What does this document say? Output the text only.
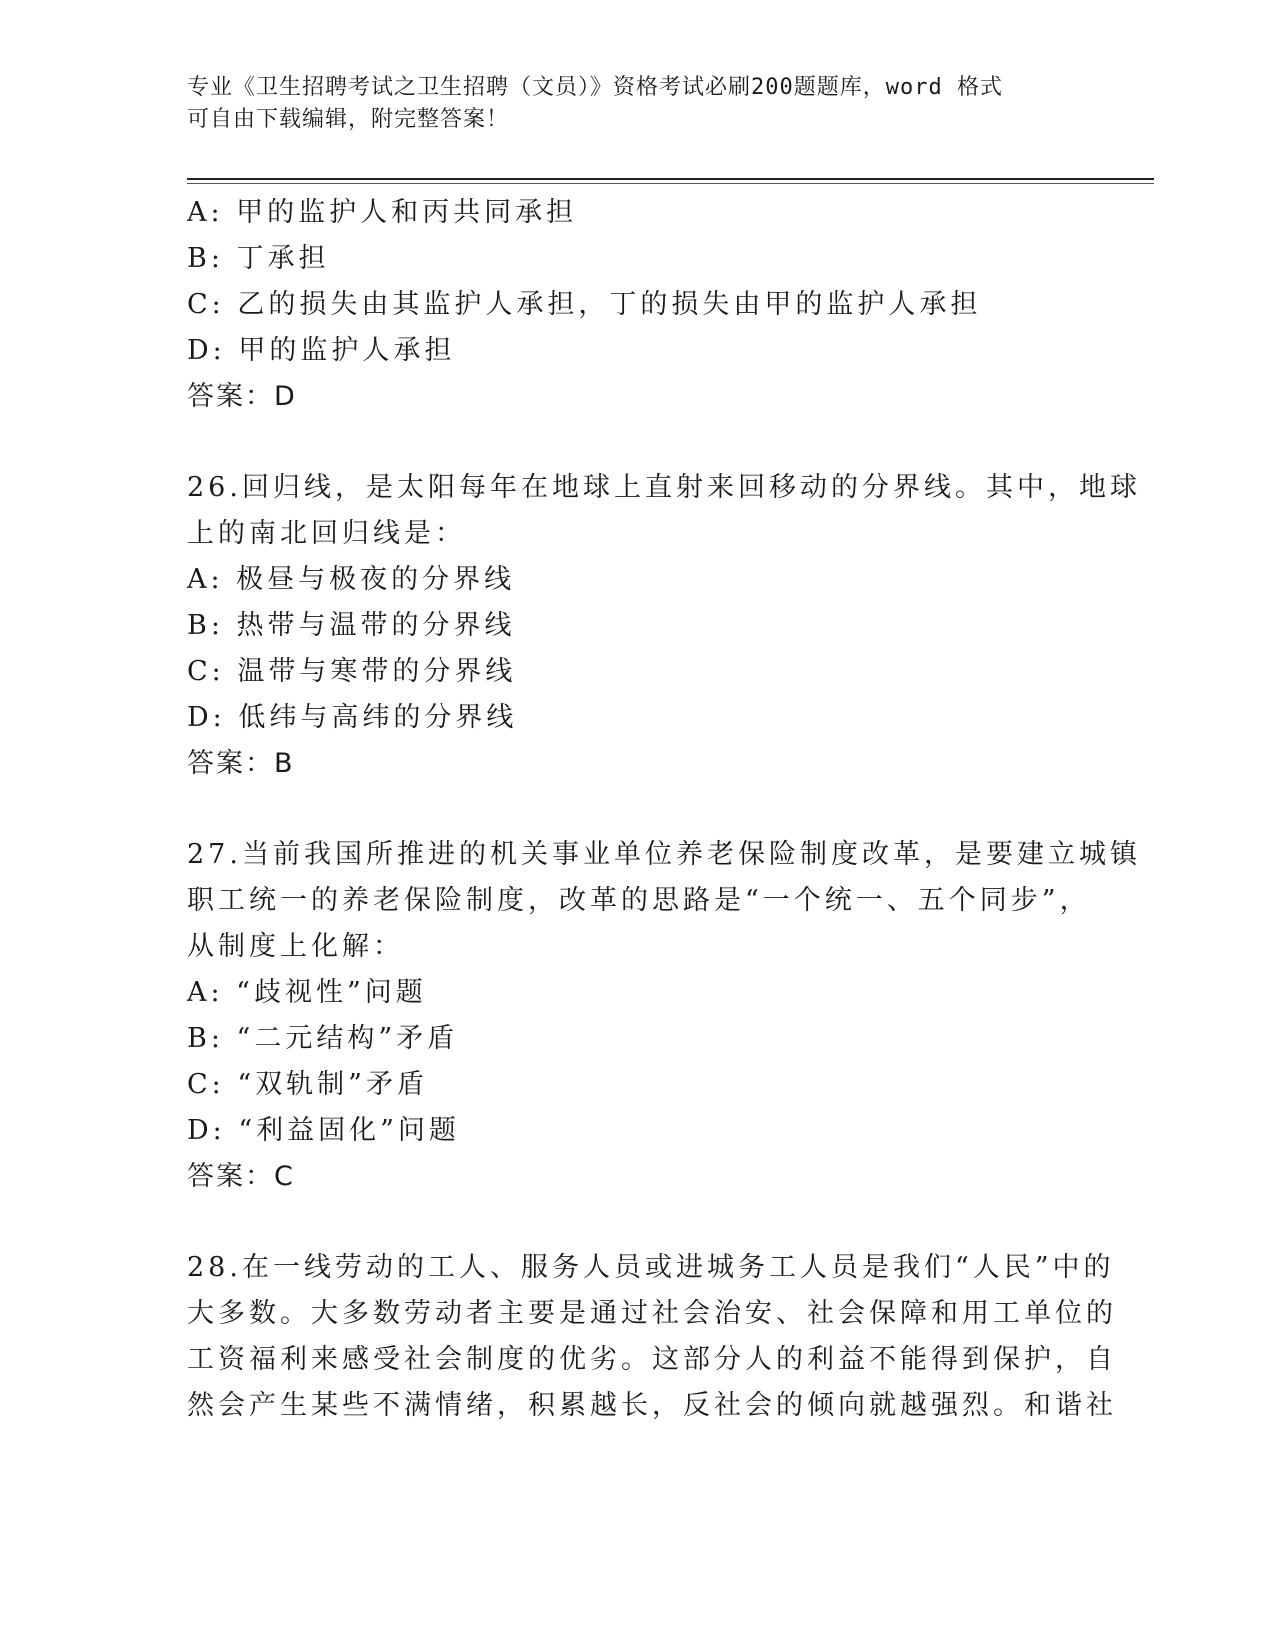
专业《卫生招聘考试之卫生招聘（文员）》资格考试必刷200题题库，word 格式
可自由下载编辑，附完整答案！
A: 甲的监护人和丙共同承担
B: 丁承担
C: 乙的损失由其监护人承担，丁的损失由甲的监护人承担
D: 甲的监护人承担
答案：D
26.回归线，是太阳每年在地球上直射来回移动的分界线。其中，地球
上的南北回归线是：
A: 极昼与极夜的分界线
B: 热带与温带的分界线
C: 温带与寒带的分界线
D: 低纬与高纬的分界线
答案：B
27.当前我国所推进的机关事业单位养老保险制度改革，是要建立城镇
职工统一的养老保险制度，改革的思路是“一个统一、五个同步”，
从制度上化解：
A: “歧视性”问题
B: “二元结构”矛盾
C: “双轨制”矛盾
D: “利益固化”问题
答案：C
28.在一线劳动的工人、服务人员或进城务工人员是我们“人民”中的
大多数。大多数劳动者主要是通过社会治安、社会保障和用工单位的
工资福利来感受社会制度的优劣。这部分人的利益不能得到保护，自
然会产生某些不满情绪，积累越长，反社会的倾向就越强烈。和谐社
